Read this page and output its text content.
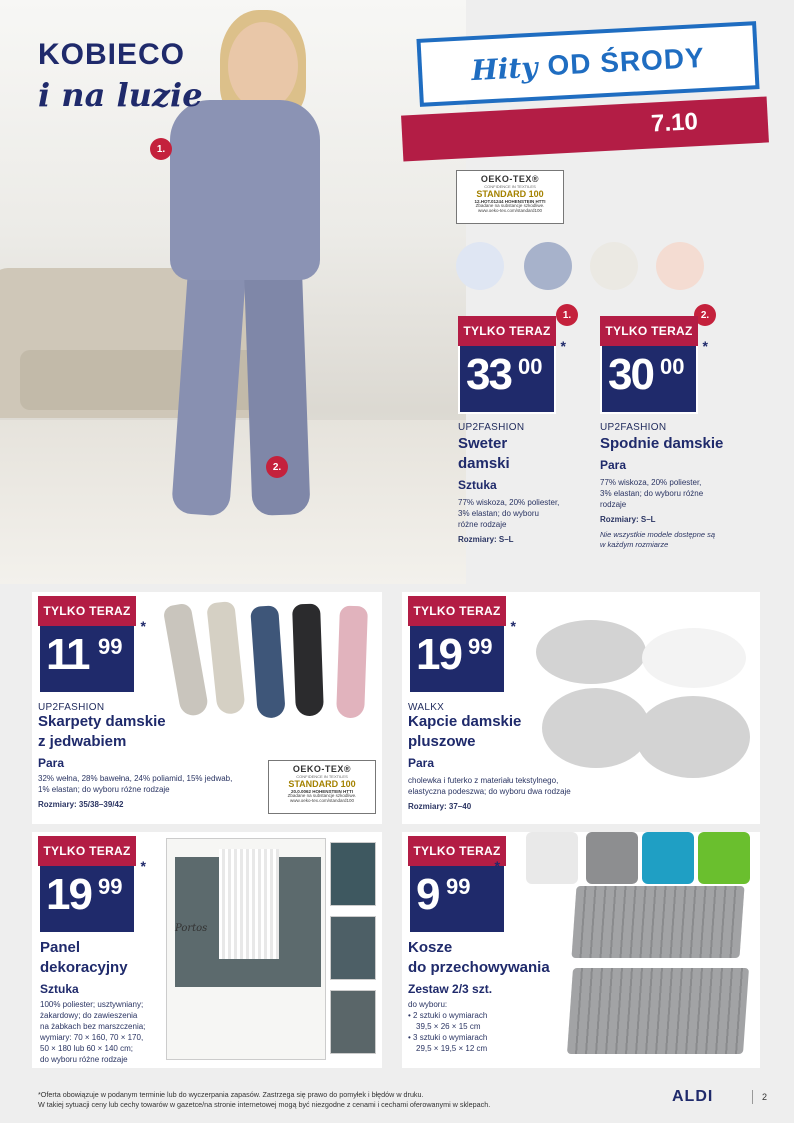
KOBIECO
i na luzie
1.
2.
Hity OD ŚRODY
7.10
OEKO-TEX®
CONFIDENCE IN TEXTILES
STANDARD 100
12.HOT.01244 HOHENSTEIN HTTI
Zbadane na substancje szkodliwe.
www.oeko-tex.com/standard100
1.
TYLKO TERAZ
33 00
*
UP2FASHION
Sweter
damski
Sztuka
77% wiskoza, 20% poliester,
3% elastan; do wyboru
różne rodzaje
Rozmiary: S–L
2.
TYLKO TERAZ
30 00
*
UP2FASHION
Spodnie damskie
Para
77% wiskoza, 20% poliester,
3% elastan; do wyboru różne
rodzaje
Rozmiary: S–L
Nie wszystkie modele dostępne są
w każdym rozmiarze
TYLKO TERAZ
11 99
*
UP2FASHION
Skarpety damskie
z jedwabiem
Para
32% wełna, 28% bawełna, 24% poliamid, 15% jedwab,
1% elastan; do wyboru różne rodzaje
Rozmiary: 35/38–39/42
OEKO-TEX®
CONFIDENCE IN TEXTILES
STANDARD 100
20.0.0062 HOHENSTEIN HTTI
Zbadane na substancje szkodliwe.
www.oeko-tex.com/standard100
TYLKO TERAZ
19 99
*
WALKX
Kapcie damskie
pluszowe
Para
cholewka i futerko z materiału tekstylnego,
elastyczna podeszwa; do wyboru dwa rodzaje
Rozmiary: 37–40
TYLKO TERAZ
19 99
*
Portos
Panel
dekoracyjny
Sztuka
100% poliester; usztywniany;
żakardowy; do zawieszenia
na żabkach bez marszczenia;
wymiary: 70 × 160, 70 × 170,
50 × 180 lub 60 × 140 cm;
do wyboru różne rodzaje
TYLKO TERAZ
9 99
*
Kosze
do przechowywania
Zestaw 2/3 szt.
do wyboru:
• 2 sztuki o wymiarach
39,5 × 26 × 15 cm
• 3 sztuki o wymiarach
29,5 × 19,5 × 12 cm
*Oferta obowiązuje w podanym terminie lub do wyczerpania zapasów. Zastrzega się prawo do pomyłek i błędów w druku.
W takiej sytuacji ceny lub cechy towarów w gazetce/na stronie internetowej mogą być niezgodne z cenami i cechami oferowanymi w sklepach.	ALDI	2
